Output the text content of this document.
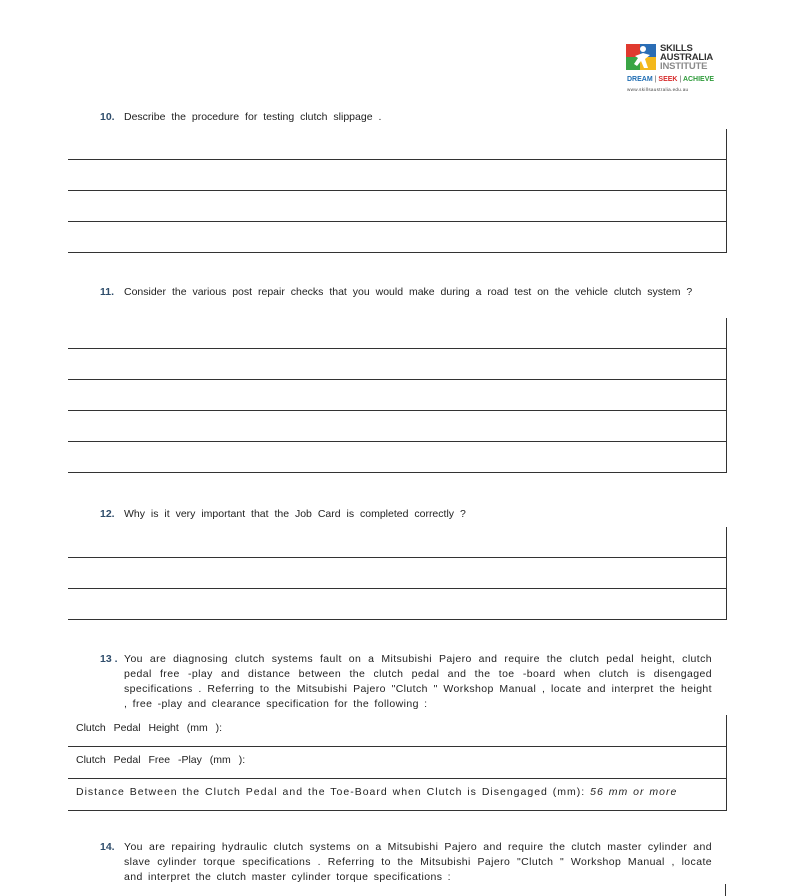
SKILLS
AUSTRALIA
INSTITUTE
DREAM | SEEK | ACHIEVE
www.skillsaustralia.edu.au
10. Describe the procedure for testing clutch slippage .
11. Consider the various post repair checks that you would make during a road test on the vehicle clutch system ?
12. Why is it very important that the Job Card is completed correctly ?
13 . You are diagnosing clutch systems fault on a Mitsubishi Pajero and require the clutch pedal height, clutch pedal free -play and distance between the clutch pedal and the toe -board when clutch is disengaged specifications . Referring to the Mitsubishi Pajero "Clutch " Workshop Manual , locate and interpret the height , free -play and clearance specification for the following :
Clutch Pedal Height (mm ):
Clutch Pedal Free -Play (mm ):
Distance Between the Clutch Pedal and the Toe-Board when Clutch is Disengaged (mm): 56 mm or more
14. You are repairing hydraulic clutch systems on a Mitsubishi Pajero and require the clutch master cylinder and slave cylinder torque specifications . Referring to the Mitsubishi Pajero "Clutch " Workshop Manual , locate and interpret the clutch master cylinder torque specifications :
